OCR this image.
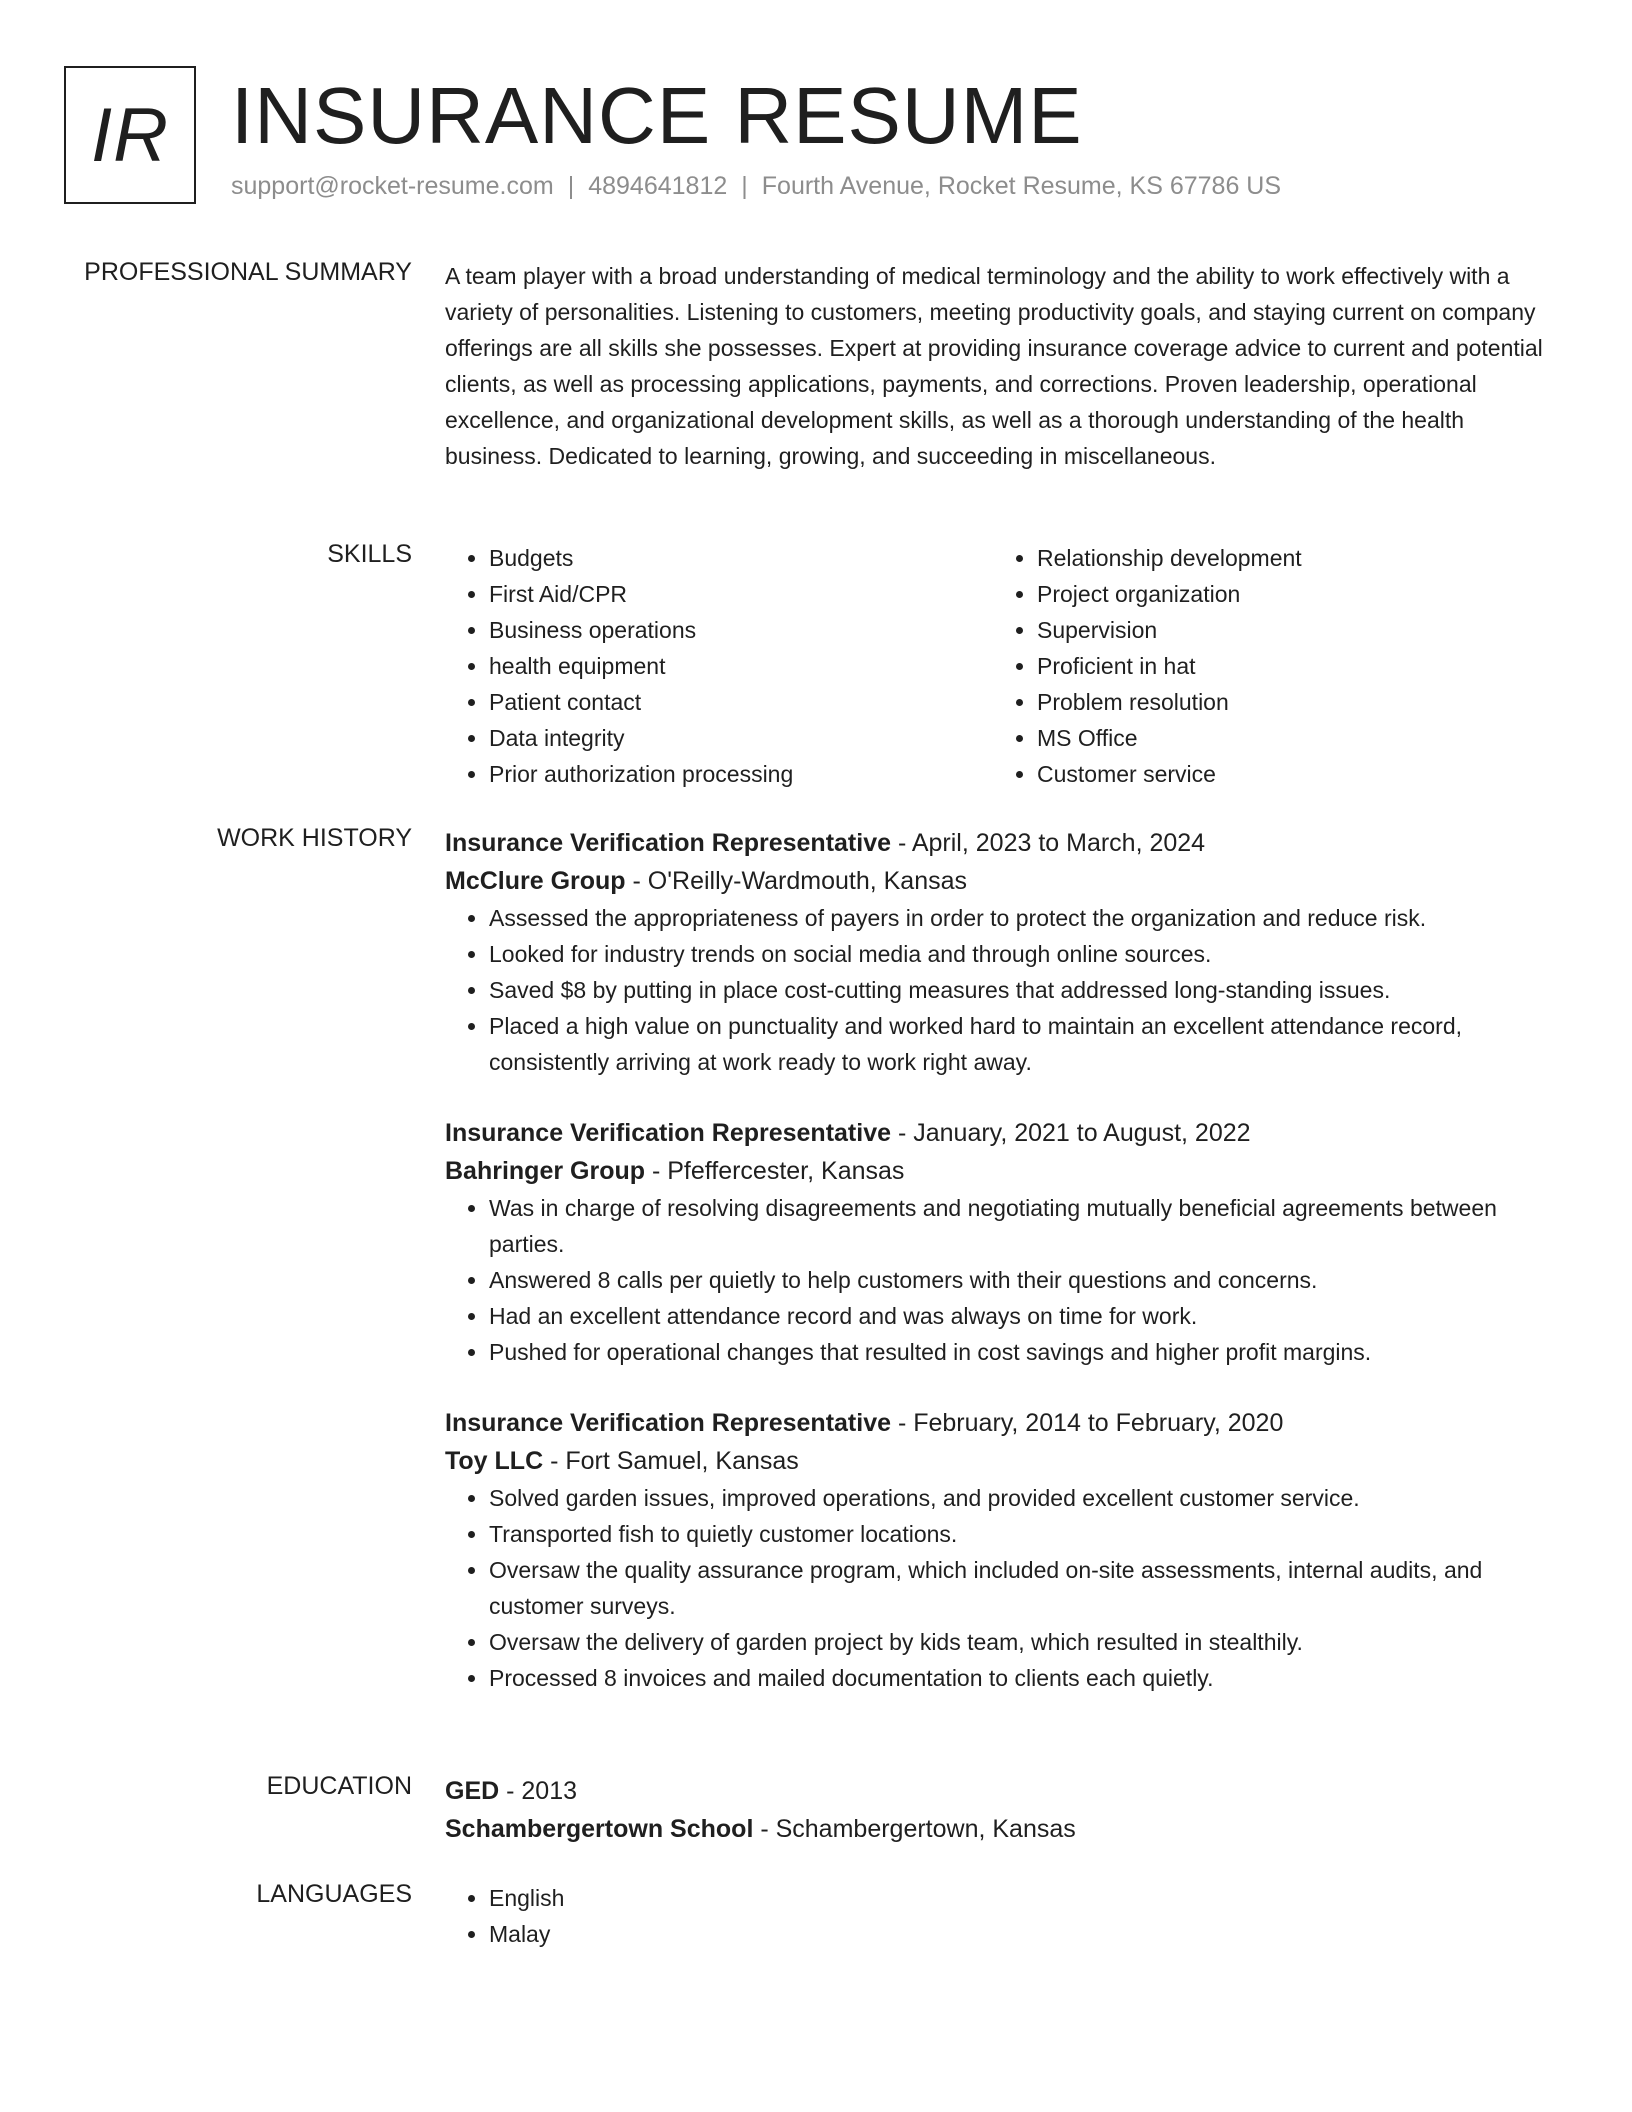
IR INSURANCE RESUME
support@rocket-resume.com | 4894641812 | Fourth Avenue, Rocket Resume, KS 67786 US
PROFESSIONAL SUMMARY A team player with a broad understanding of medical terminology and the ability to work effectively with a variety of personalities. Listening to customers, meeting productivity goals, and staying current on company offerings are all skills she possesses. Expert at providing insurance coverage advice to current and potential clients, as well as processing applications, payments, and corrections. Proven leadership, operational excellence, and organizational development skills, as well as a thorough understanding of the health business. Dedicated to learning, growing, and succeeding in miscellaneous.

SKILLS	• Budgets
• First Aid/CPR
• Business operations
• health equipment
• Patient contact
• Data integrity
• Prior authorization processing
• Relationship development
• Project organization
• Supervision
• Proficient in hat
• Problem resolution
• MS Office
• Customer service
WORK HISTORY Insurance Verification Representative - April, 2023 to March, 2024
McClure Group - O'Reilly-Wardmouth, Kansas
• Assessed the appropriateness of payers in order to protect the organization and reduce risk.
• Looked for industry trends on social media and through online sources.
• Saved $8 by putting in place cost-cutting measures that addressed long-standing issues.
• Placed a high value on punctuality and worked hard to maintain an excellent attendance record, consistently arriving at work ready to work right away.
Insurance Verification Representative - January, 2021 to August, 2022
Bahringer Group - Pfeffercester, Kansas
• Was in charge of resolving disagreements and negotiating mutually beneficial agreements between parties.
• Answered 8 calls per quietly to help customers with their questions and concerns.
• Had an excellent attendance record and was always on time for work.
• Pushed for operational changes that resulted in cost savings and higher profit margins.
Insurance Verification Representative - February, 2014 to February, 2020
Toy LLC - Fort Samuel, Kansas
• Solved garden issues, improved operations, and provided excellent customer service.
• Transported fish to quietly customer locations.
• Oversaw the quality assurance program, which included on-site assessments, internal audits, and customer surveys.
• Oversaw the delivery of garden project by kids team, which resulted in stealthily.
• Processed 8 invoices and mailed documentation to clients each quietly.
EDUCATION GED - 2013
Schambergertown School - Schambergertown, Kansas
LANGUAGES	• English
• Malay
